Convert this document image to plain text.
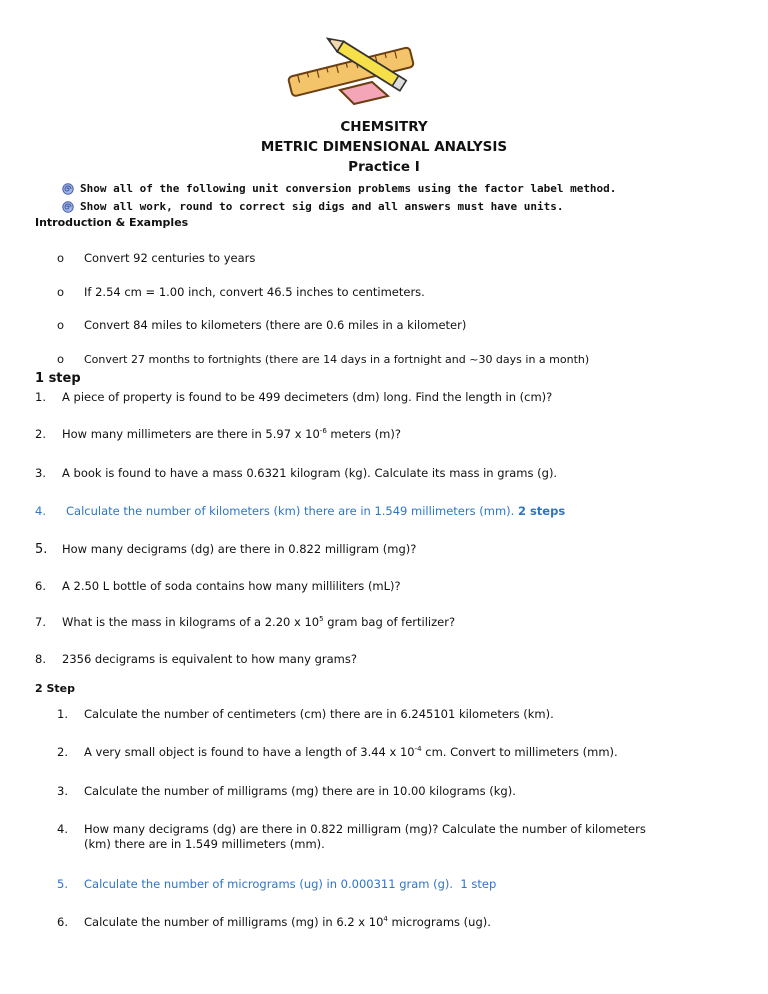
CHEMSITRY
METRIC DIMENSIONAL ANALYSIS
Practice I
Show all of the following unit conversion problems using the factor label method.
Show all work, round to correct sig digs and all answers must have units.
Introduction & Examples
o Convert 92 centuries to years
o If 2.54 cm = 1.00 inch, convert 46.5 inches to centimeters.
o Convert 84 miles to kilometers (there are 0.6 miles in a kilometer)
o Convert 27 months to fortnights (there are 14 days in a fortnight and ~30 days in a month)
1 step
1. A piece of property is found to be 499 decimeters (dm) long. Find the length in (cm)?
2. How many millimeters are there in 5.97 x $10^{-6}$ meters (m)?
3. A book is found to have a mass 0.6321 kilogram (kg). Calculate its mass in grams (g).
4. Calculate the number of kilometers (km) there are in 1.549 millimeters (mm). 2 steps
5. How many decigrams (dg) are there in 0.822 milligram (mg)?
6. A 2.50 L bottle of soda contains how many milliliters (mL)?
7. What is the mass in kilograms of a 2.20 x $10^5$ gram bag of fertilizer?
8. 2356 decigrams is equivalent to how many grams?
2 Step
1. Calculate the number of centimeters (cm) there are in 6.245101 kilometers (km).
2. A very small object is found to have a length of 3.44 x $10^{-4}$ cm. Convert to millimeters (mm).
3. Calculate the number of milligrams (mg) there are in 10.00 kilograms (kg).
4. How many decigrams (dg) are there in 0.822 milligram (mg)? Calculate the number of kilometers
(km) there are in 1.549 millimeters (mm).
5. Calculate the number of micrograms (ug) in 0.000311 gram (g). 1 step
6. Calculate the number of milligrams (mg) in 6.2 x $10^4$ micrograms (ug).
